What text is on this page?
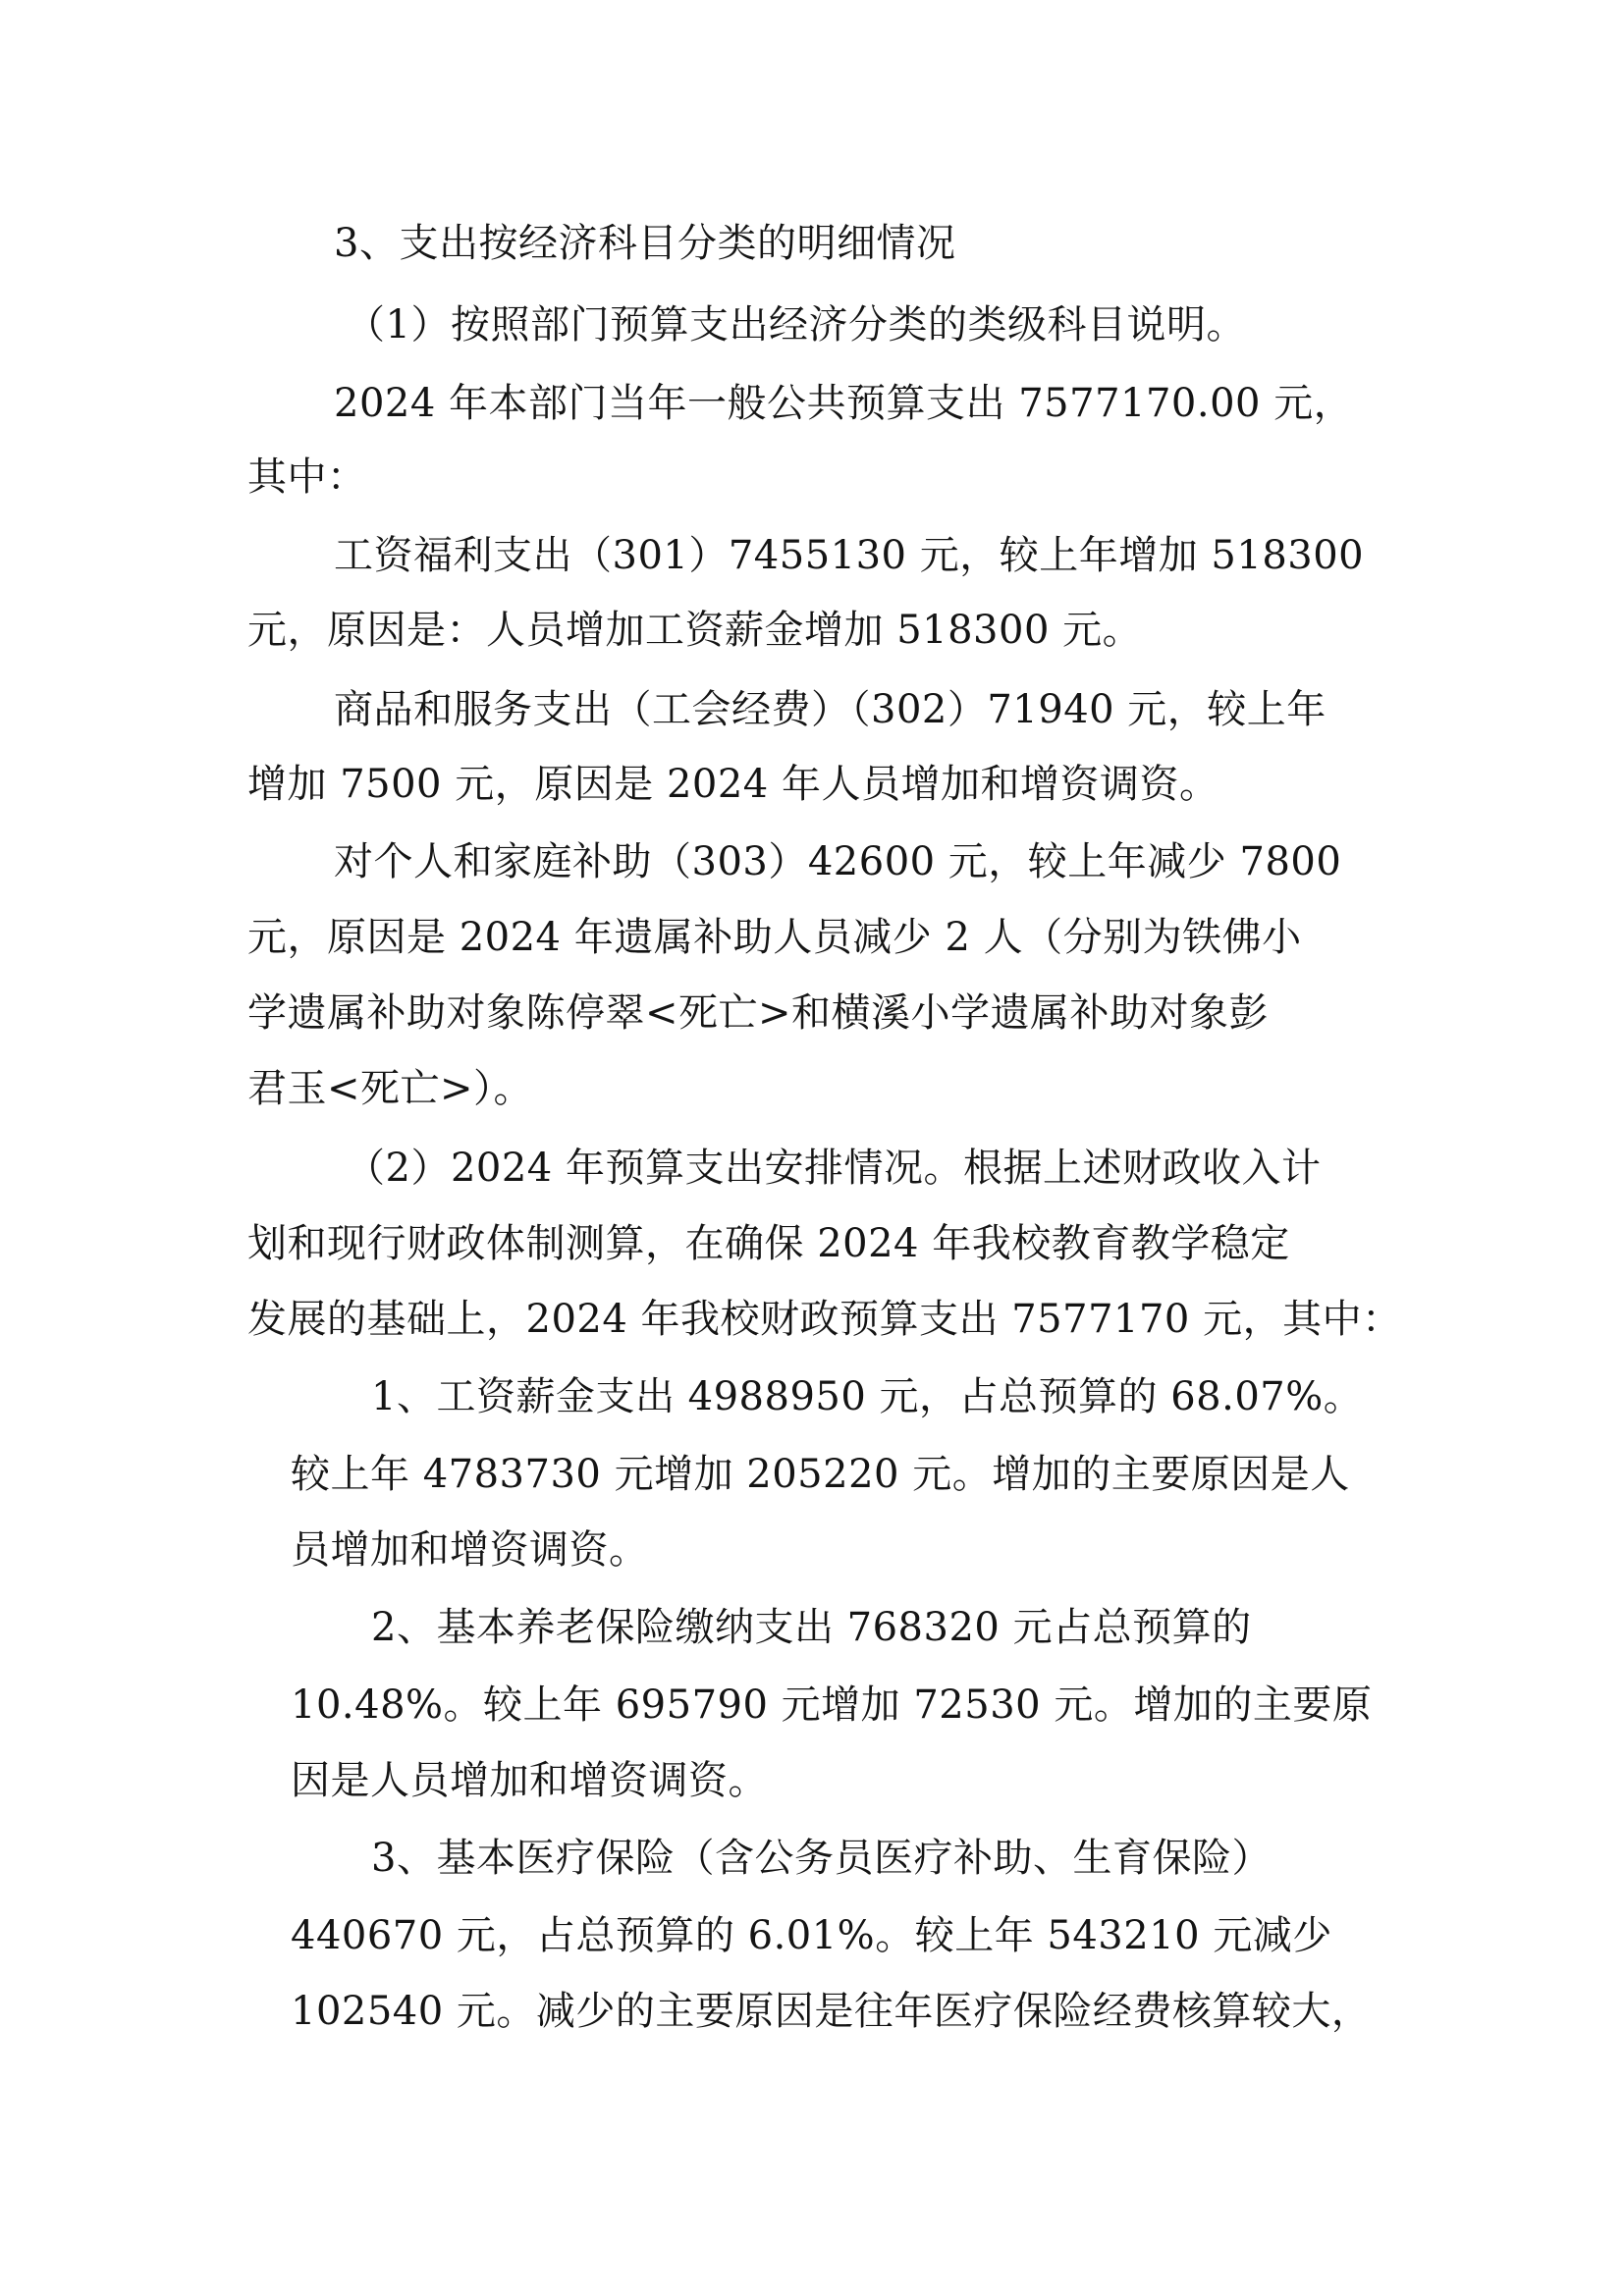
3、支出按经济科目分类的明细情况
（1）按照部门预算支出经济分类的类级科目说明。
2024 年本部门当年一般公共预算支出 7577170.00 元，
其中：
工资福利支出（301）7455130 元，较上年增加 518300
元，原因是：人员增加工资薪金增加 518300 元。
商品和服务支出（工会经费）（302）71940 元，较上年
增加 7500 元，原因是 2024 年人员增加和增资调资。
对个人和家庭补助（303）42600 元，较上年减少 7800
元，原因是 2024 年遗属补助人员减少 2 人（分别为铁佛小
学遗属补助对象陈停翠<死亡>和横溪小学遗属补助对象彭
君玉<死亡>）。
（2）2024 年预算支出安排情况。根据上述财政收入计
划和现行财政体制测算，在确保 2024 年我校教育教学稳定
发展的基础上，2024 年我校财政预算支出 7577170 元，其中：
1、工资薪金支出 4988950 元，占总预算的 68.07%。
较上年 4783730 元增加 205220 元。增加的主要原因是人
员增加和增资调资。
2、基本养老保险缴纳支出 768320 元占总预算的
10.48%。较上年 695790 元增加 72530 元。增加的主要原
因是人员增加和增资调资。
3、基本医疗保险（含公务员医疗补助、生育保险）
440670 元，占总预算的 6.01%。较上年 543210 元减少
102540 元。减少的主要原因是往年医疗保险经费核算较大，
